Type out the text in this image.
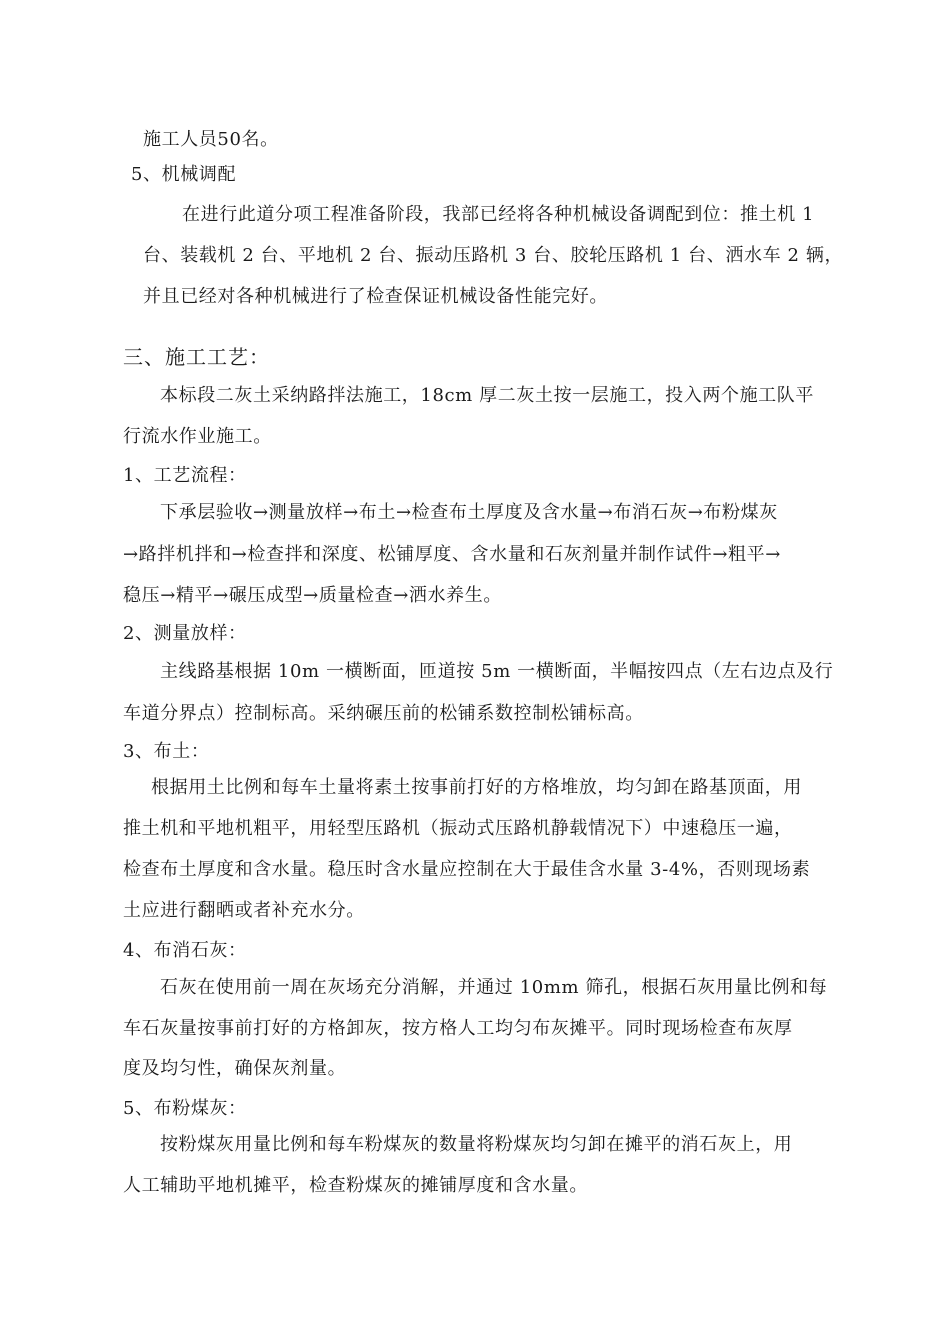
施工人员50名。
5、机械调配
在进行此道分项工程准备阶段，我部已经将各种机械设备调配到位：推土机 1
台、装载机 2 台、平地机 2 台、振动压路机 3 台、胶轮压路机 1 台、洒水车 2 辆，
并且已经对各种机械进行了检查保证机械设备性能完好。
三、施工工艺：
本标段二灰土采纳路拌法施工，18cm 厚二灰土按一层施工，投入两个施工队平
行流水作业施工。
1、工艺流程：
下承层验收→测量放样→布土→检查布土厚度及含水量→布消石灰→布粉煤灰
→路拌机拌和→检查拌和深度、松铺厚度、含水量和石灰剂量并制作试件→粗平→
稳压→精平→碾压成型→质量检查→洒水养生。
2、测量放样：
主线路基根据 10m 一横断面，匝道按 5m 一横断面，半幅按四点（左右边点及行
车道分界点）控制标高。采纳碾压前的松铺系数控制松铺标高。
3、布土：
根据用土比例和每车土量将素土按事前打好的方格堆放，均匀卸在路基顶面，用
推土机和平地机粗平，用轻型压路机（振动式压路机静载情况下）中速稳压一遍，
检查布土厚度和含水量。稳压时含水量应控制在大于最佳含水量 3-4%，否则现场素
土应进行翻晒或者补充水分。
4、布消石灰：
石灰在使用前一周在灰场充分消解，并通过 10mm 筛孔，根据石灰用量比例和每
车石灰量按事前打好的方格卸灰，按方格人工均匀布灰摊平。同时现场检查布灰厚
度及均匀性，确保灰剂量。
5、布粉煤灰：
按粉煤灰用量比例和每车粉煤灰的数量将粉煤灰均匀卸在摊平的消石灰上，用
人工辅助平地机摊平，检查粉煤灰的摊铺厚度和含水量。
